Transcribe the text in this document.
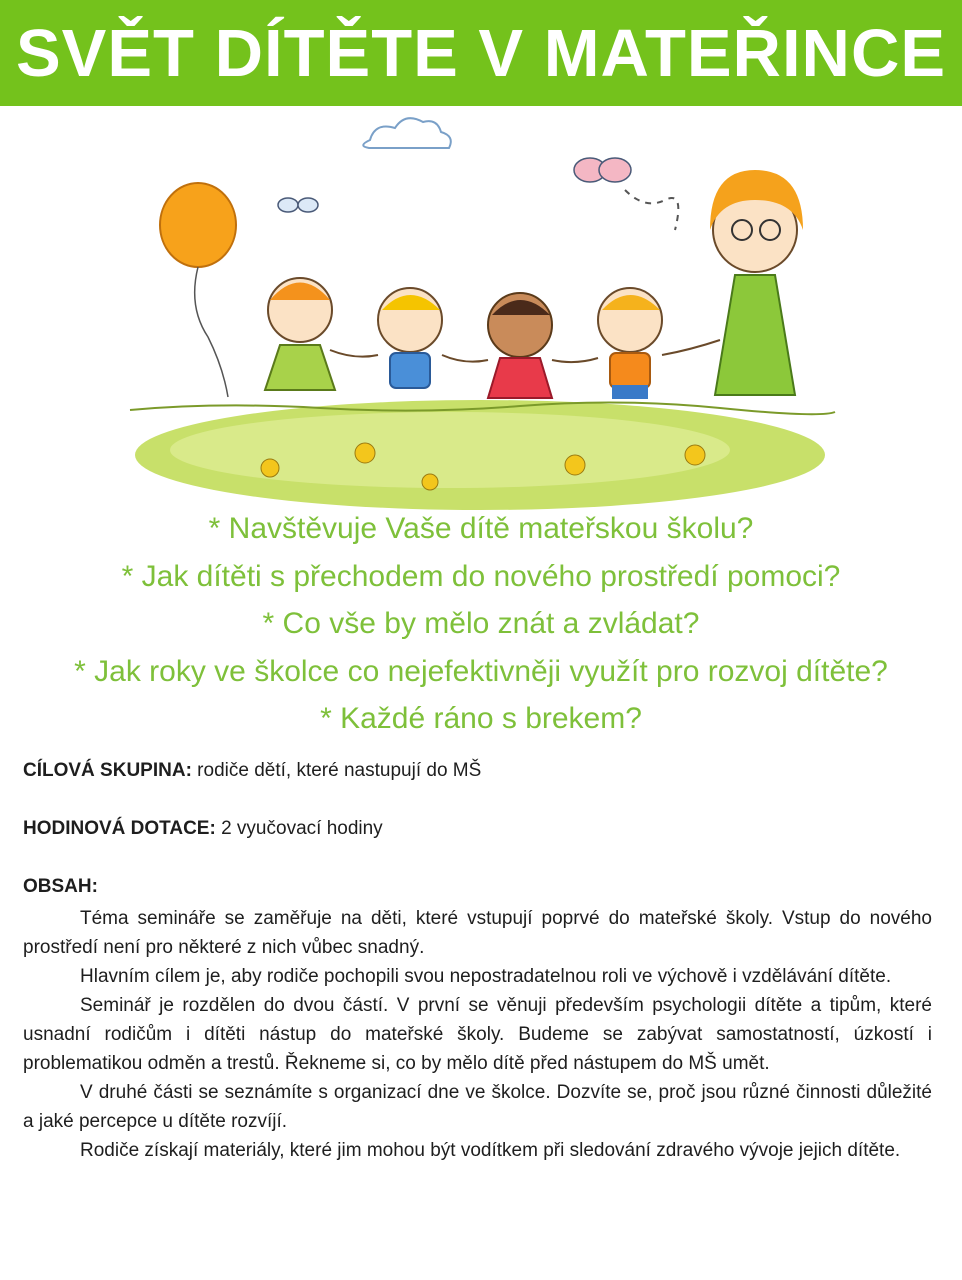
SVĚT DÍTĚTE V MATEŘINCE
* Navštěvuje Vaše dítě mateřskou školu?
* Jak dítěti s přechodem do nového prostředí pomoci?
* Co vše by mělo znát a zvládat?
* Jak roky ve školce co nejefektivněji využít pro rozvoj dítěte?
* Každé ráno s brekem?
CÍLOVÁ SKUPINA: rodiče dětí, které nastupují do MŠ
HODINOVÁ DOTACE: 2 vyučovací hodiny
OBSAH:

Téma semináře se zaměřuje na děti, které vstupují poprvé do mateřské školy. Vstup do nového prostředí není pro některé z nich vůbec snadný.

Hlavním cílem je, aby rodiče pochopili svou nepostradatelnou roli ve výchově i vzdělávání dítěte.

Seminář je rozdělen do dvou částí. V první se věnuji především psychologii dítěte a tipům, které usnadní rodičům i dítěti nástup do mateřské školy. Budeme se zabývat samostatností, úzkostí i problematikou odměn a trestů. Řekneme si, co by mělo dítě před nástupem do MŠ umět.

V druhé části se seznámíte s organizací dne ve školce. Dozvíte se, proč jsou různé činnosti důležité a jaké percepce u dítěte rozvíjí.

Rodiče získají materiály, které jim mohou být vodítkem při sledování zdravého vývoje jejich dítěte.
